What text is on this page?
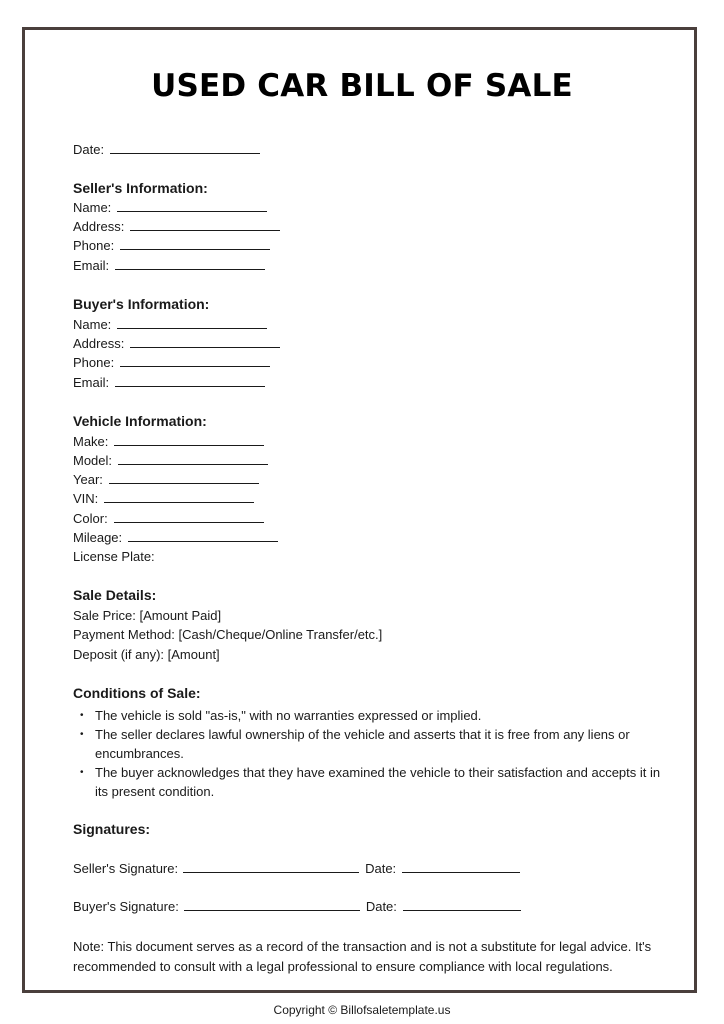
USED CAR BILL OF SALE
Date:
Seller's Information:
Name:
Address:
Phone:
Email:
Buyer's Information:
Name:
Address:
Phone:
Email:
Vehicle Information:
Make:
Model:
Year:
VIN:
Color:
Mileage:
License Plate:
Sale Details:
Sale Price: [Amount Paid]
Payment Method: [Cash/Cheque/Online Transfer/etc.]
Deposit (if any): [Amount]
Conditions of Sale:
• The vehicle is sold "as-is," with no warranties expressed or implied.
• The seller declares lawful ownership of the vehicle and asserts that it is free from any liens or encumbrances.
• The buyer acknowledges that they have examined the vehicle to their satisfaction and accepts it in its present condition.
Signatures:
Seller's Signature:	Date:
Buyer's Signature:	Date:
Note: This document serves as a record of the transaction and is not a substitute for legal advice. It's recommended to consult with a legal professional to ensure compliance with local regulations.
Copyright © Billofsaletemplate.us
